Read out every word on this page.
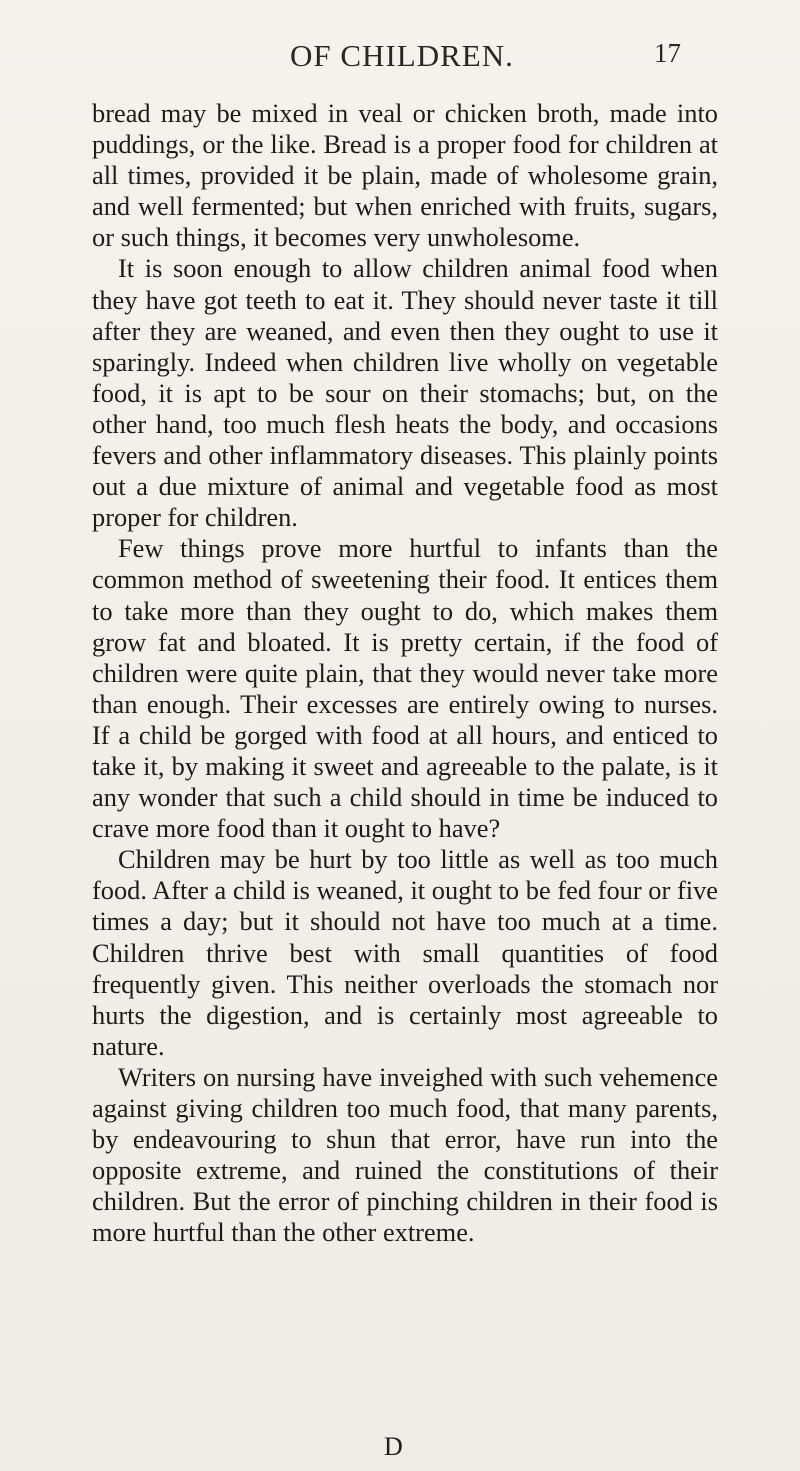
OF CHILDREN.	17

bread may be mixed in veal or chicken broth, made into puddings, or the like. Bread is a proper food for children at all times, provided it be plain, made of wholesome grain, and well fermented; but when enriched with fruits, sugars, or such things, it becomes very unwholesome.

It is soon enough to allow children animal food when they have got teeth to eat it. They should never taste it till after they are weaned, and even then they ought to use it sparingly. Indeed when children live wholly on vegetable food, it is apt to be sour on their stomachs; but, on the other hand, too much flesh heats the body, and occasions fevers and other inflammatory diseases. This plainly points out a due mixture of animal and vegetable food as most proper for children.

Few things prove more hurtful to infants than the common method of sweetening their food. It entices them to take more than they ought to do, which makes them grow fat and bloated. It is pretty certain, if the food of children were quite plain, that they would never take more than enough. Their excesses are entirely owing to nurses. If a child be gorged with food at all hours, and enticed to take it, by making it sweet and agreeable to the palate, is it any wonder that such a child should in time be induced to crave more food than it ought to have?

Children may be hurt by too little as well as too much food. After a child is weaned, it ought to be fed four or five times a day; but it should not have too much at a time. Children thrive best with small quantities of food frequently given. This neither overloads the stomach nor hurts the digestion, and is certainly most agreeable to nature.

Writers on nursing have inveighed with such vehemence against giving children too much food, that many parents, by endeavouring to shun that error, have run into the opposite extreme, and ruined the constitutions of their children. But the error of pinching children in their food is more hurtful than the other extreme.

D
